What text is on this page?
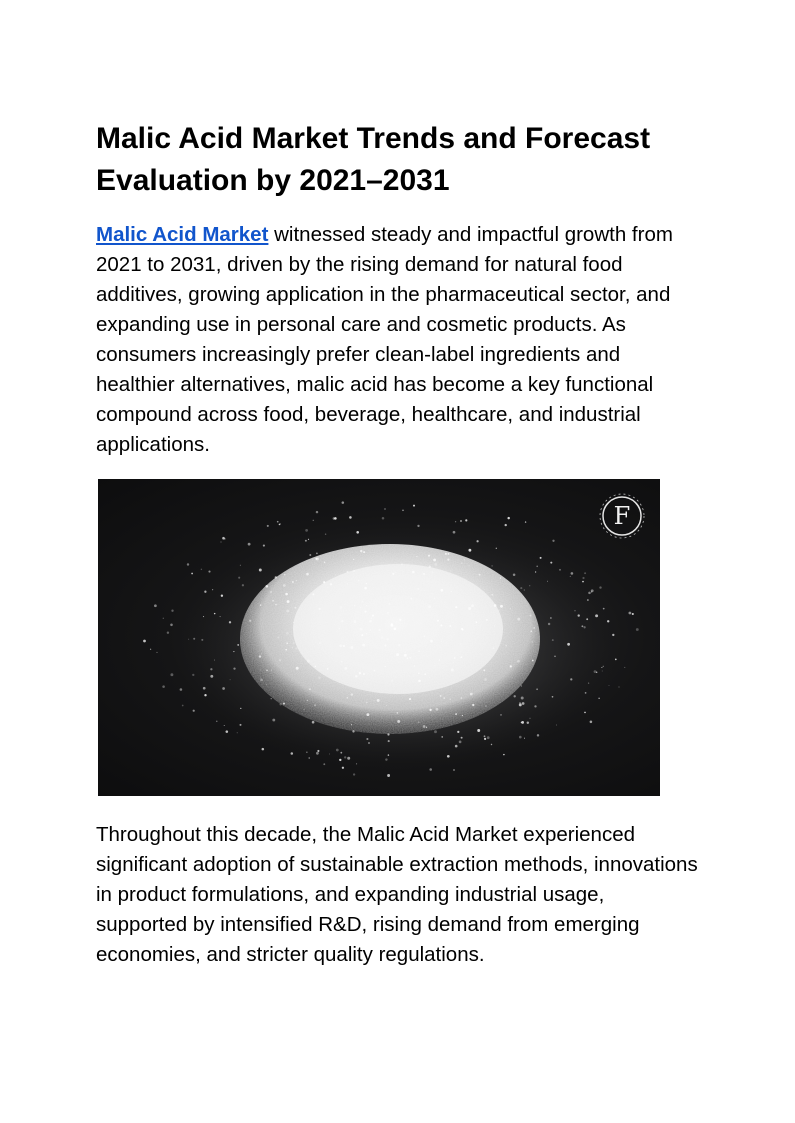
Malic Acid Market Trends and Forecast Evaluation by 2021–2031

Malic Acid Market witnessed steady and impactful growth from 2021 to 2031, driven by the rising demand for natural food additives, growing application in the pharmaceutical sector, and expanding use in personal care and cosmetic products. As consumers increasingly prefer clean-label ingredients and healthier alternatives, malic acid has become a key functional compound across food, beverage, healthcare, and industrial applications.

Throughout this decade, the Malic Acid Market experienced significant adoption of sustainable extraction methods, innovations in product formulations, and expanding industrial usage, supported by intensified R&D, rising demand from emerging economies, and stricter quality regulations.

F
